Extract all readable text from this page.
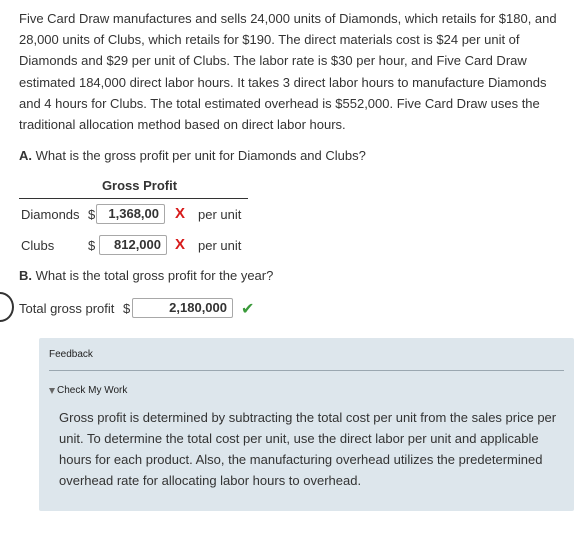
Five Card Draw manufactures and sells 24,000 units of Diamonds, which retails for $180, and 28,000 units of Clubs, which retails for $190. The direct materials cost is $24 per unit of Diamonds and $29 per unit of Clubs. The labor rate is $30 per hour, and Five Card Draw estimated 184,000 direct labor hours. It takes 3 direct labor hours to manufacture Diamonds and 4 hours for Clubs. The total estimated overhead is $552,000. Five Card Draw uses the traditional allocation method based on direct labor hours.
A. What is the gross profit per unit for Diamonds and Clubs?
Gross Profit
Diamonds $	1,368,00	X per unit
Clubs	$	812,000 X per unit
B. What is the total gross profit for the year?
Total gross profit $	2,180,000 ✔
Feedback
Check My Work
Gross profit is determined by subtracting the total cost per unit from the sales price per unit. To determine the total cost per unit, use the direct labor per unit and applicable hours for each product. Also, the manufacturing overhead utilizes the predetermined overhead rate for allocating labor hours to overhead.
